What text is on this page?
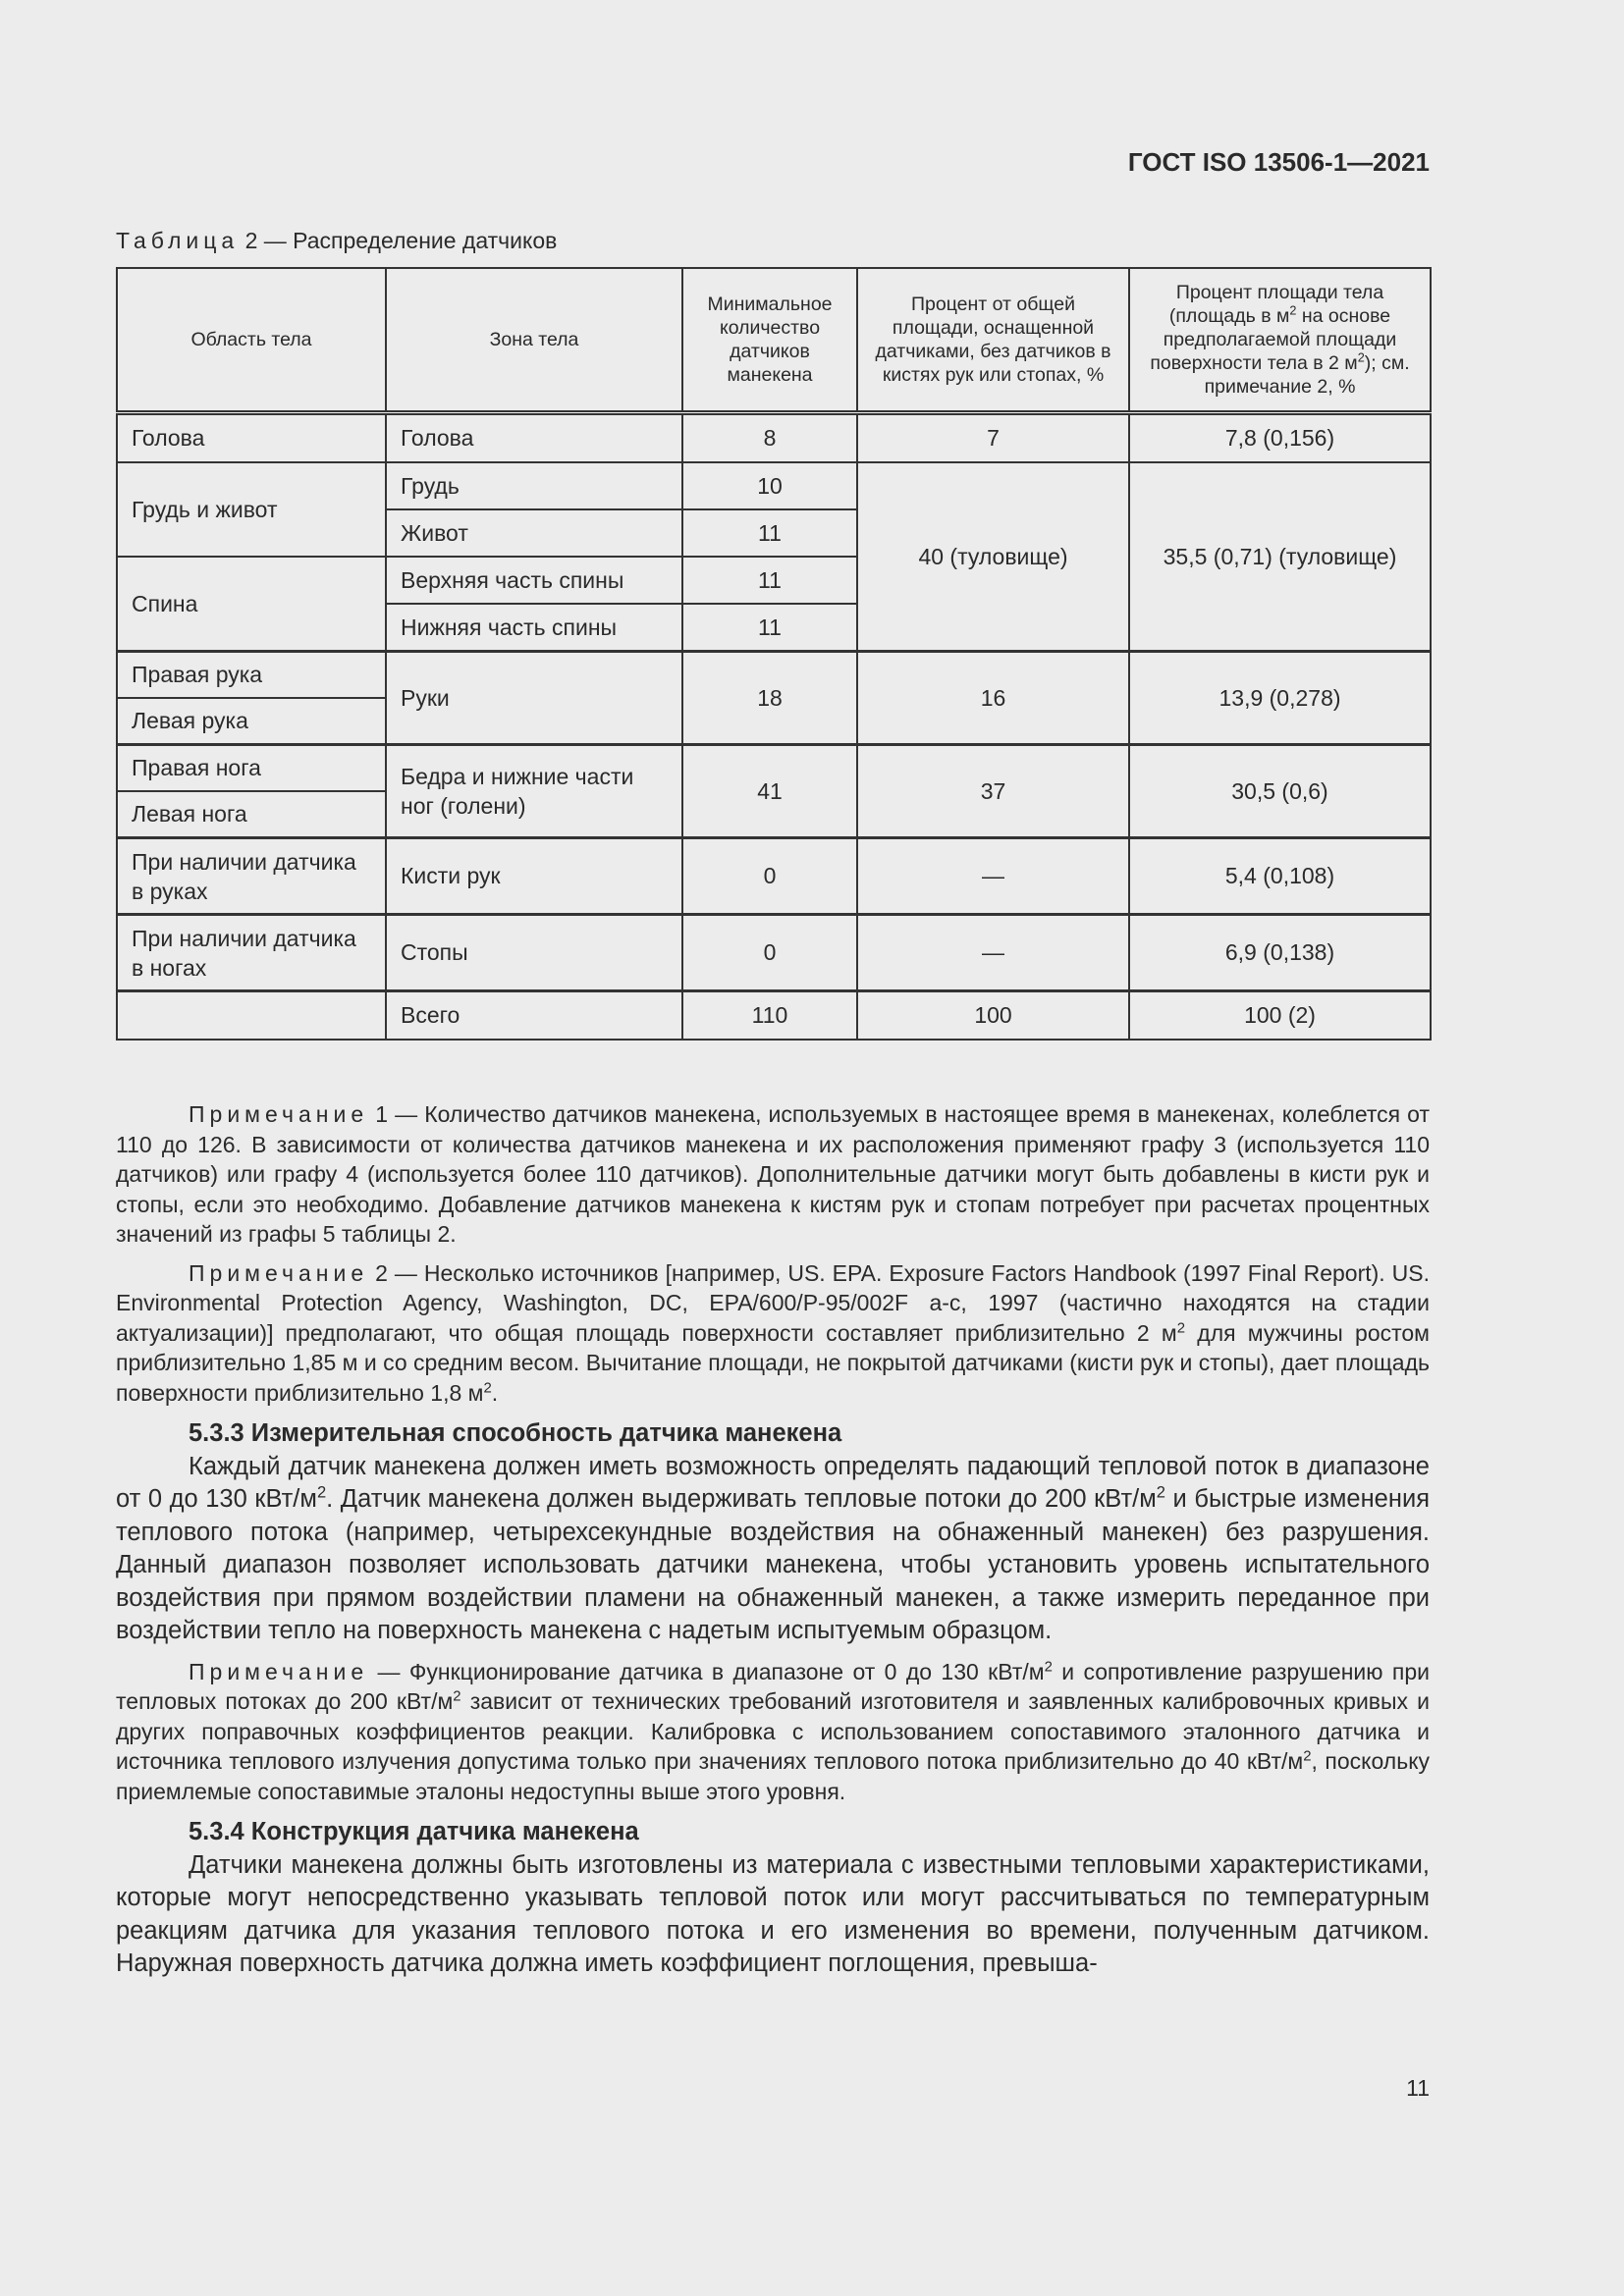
ГОСТ ISO 13506-1—2021
Таблица 2 — Распределение датчиков
Область тела	Зона тела	Минимальное количество датчиков манекена	Процент от общей площади, оснащенной датчиками, без датчиков в кистях рук или стопах, %	Процент площади тела (площадь в $м^2$ на основе предполагаемой площади поверхности тела в 2 $м^2$); см. примечание 2, %
Голова	Голова	8	7	7,8 (0,156)
Грудь и живот	Грудь	10	40 (туловище)	35,5 (0,71) (туловище)
	Живот	11		
Спина	Верхняя часть спины	11		
	Нижняя часть спины	11		
Правая рука	Руки	18	16	13,9 (0,278)
Левая рука				
Правая нога	Бедра и нижние части ног (голени)	41	37	30,5 (0,6)
Левая нога				
При наличии датчика в руках	Кисти рук	0	—	5,4 (0,108)
При наличии датчика в ногах	Стопы	0	—	6,9 (0,138)
	Всего	110	100	100 (2)

Примечание 1 — Количество датчиков манекена, используемых в настоящее время в манекенах, колеблется от 110 до 126. В зависимости от количества датчиков манекена и их расположения применяют графу 3 (используется 110 датчиков) или графу 4 (используется более 110 датчиков). Дополнительные датчики могут быть добавлены в кисти рук и стопы, если это необходимо. Добавление датчиков манекена к кистям рук и стопам потребует при расчетах процентных значений из графы 5 таблицы 2.

Примечание 2 — Несколько источников [например, US. EPA. Exposure Factors Handbook (1997 Final Report). US. Environmental Protection Agency, Washington, DC, EPA/600/P-95/002F a-c, 1997 (частично находятся на стадии актуализации)] предполагают, что общая площадь поверхности составляет приблизительно 2 $м^2$ для мужчины ростом приблизительно 1,85 м и со средним весом. Вычитание площади, не покрытой датчиками (кисти рук и стопы), дает площадь поверхности приблизительно 1,8 $м^2$.

5.3.3 Измерительная способность датчика манекена

Каждый датчик манекена должен иметь возможность определять падающий тепловой поток в диапазоне от 0 до 130 кВт/$м^2$. Датчик манекена должен выдерживать тепловые потоки до 200 кВт/$м^2$ и быстрые изменения теплового потока (например, четырехсекундные воздействия на обнаженный манекен) без разрушения. Данный диапазон позволяет использовать датчики манекена, чтобы установить уровень испытательного воздействия при прямом воздействии пламени на обнаженный манекен, а также измерить переданное при воздействии тепло на поверхность манекена с надетым испытуемым образцом.

Примечание — Функционирование датчика в диапазоне от 0 до 130 кВт/$м^2$ и сопротивление разрушению при тепловых потоках до 200 кВт/$м^2$ зависит от технических требований изготовителя и заявленных калибровочных кривых и других поправочных коэффициентов реакции. Калибровка с использованием сопоставимого эталонного датчика и источника теплового излучения допустима только при значениях теплового потока приблизительно до 40 кВт/$м^2$, поскольку приемлемые сопоставимые эталоны недоступны выше этого уровня.

5.3.4 Конструкция датчика манекена

Датчики манекена должны быть изготовлены из материала с известными тепловыми характеристиками, которые могут непосредственно указывать тепловой поток или могут рассчитываться по температурным реакциям датчика для указания теплового потока и его изменения во времени, полученным датчиком. Наружная поверхность датчика должна иметь коэффициент поглощения, превыша-

11
